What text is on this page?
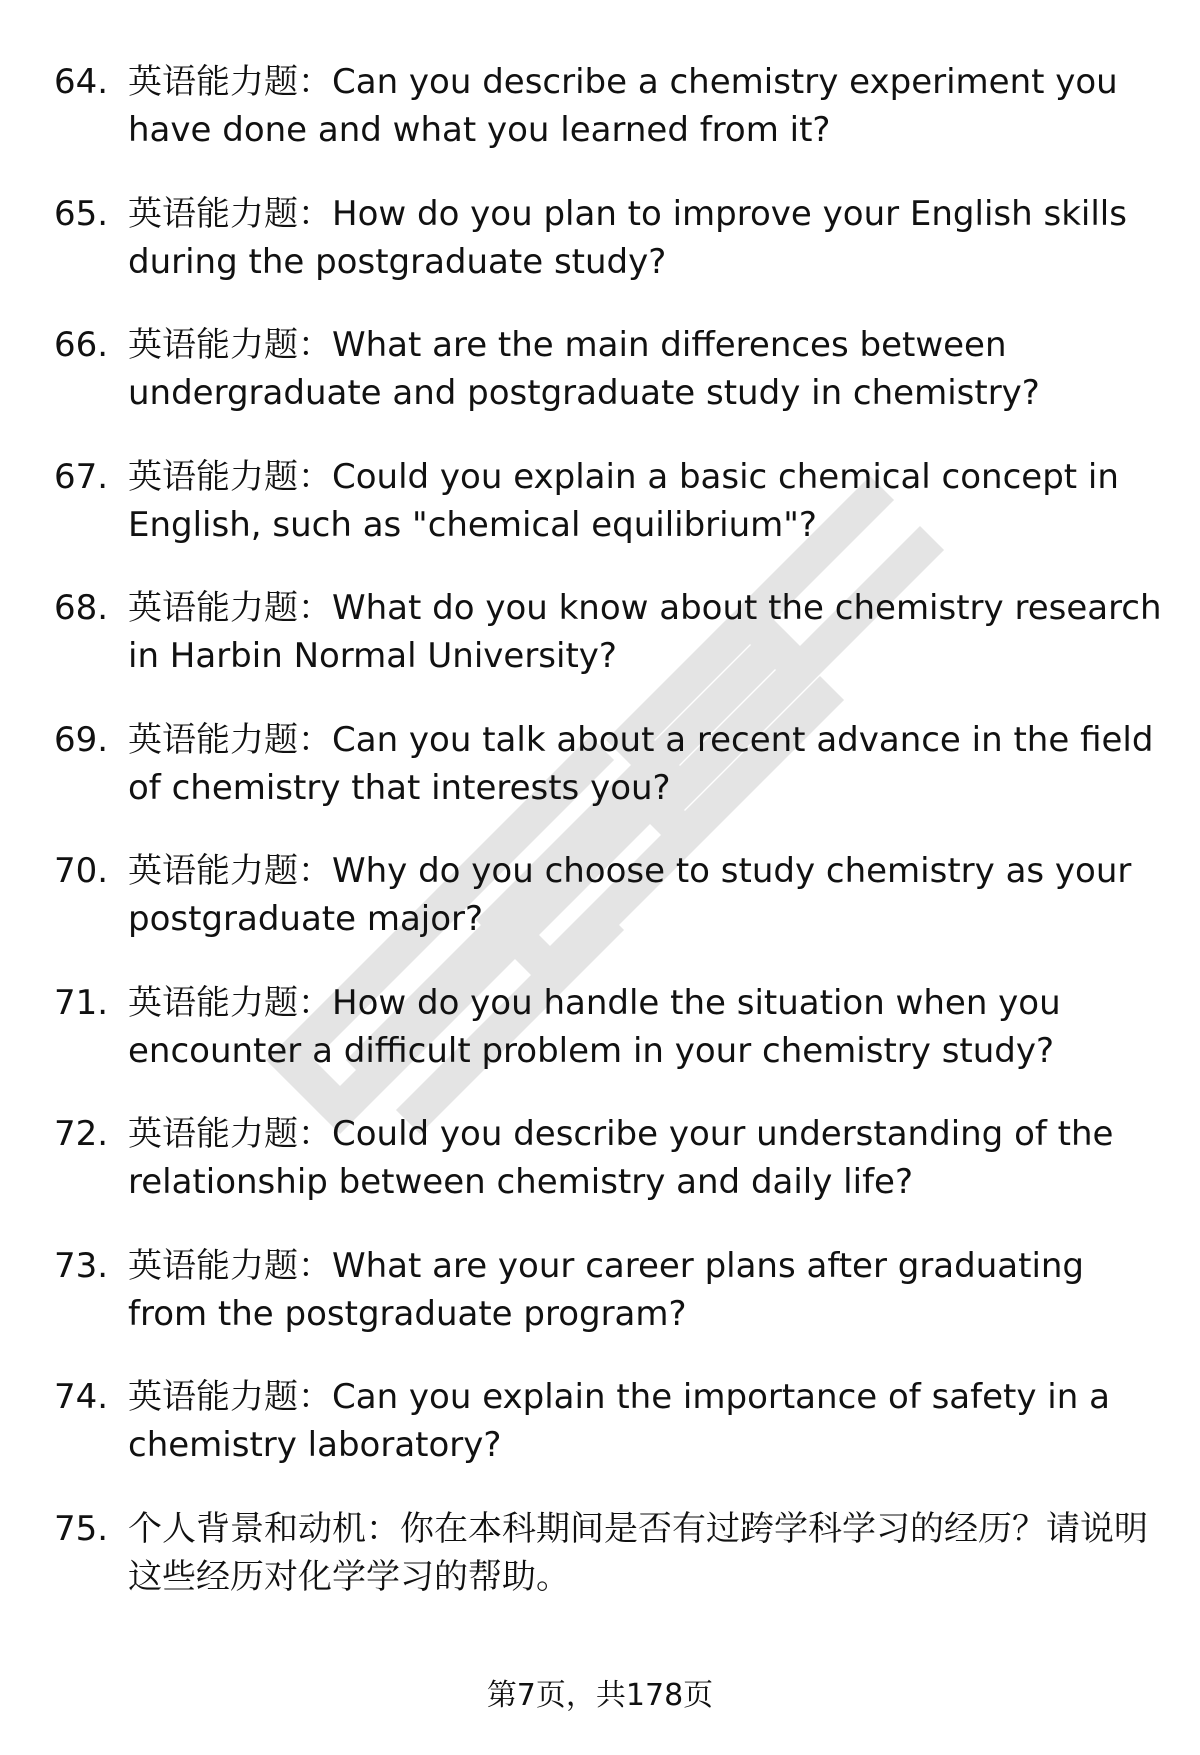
64. 英语能力题：Can you describe a chemistry experiment you have done and what you learned from it?
65. 英语能力题：How do you plan to improve your English skills during the postgraduate study?
66. 英语能力题：What are the main differences between undergraduate and postgraduate study in chemistry?
67. 英语能力题：Could you explain a basic chemical concept in English, such as "chemical equilibrium"?
68. 英语能力题：What do you know about the chemistry research in Harbin Normal University?
69. 英语能力题：Can you talk about a recent advance in the field of chemistry that interests you?
70. 英语能力题：Why do you choose to study chemistry as your postgraduate major?
71. 英语能力题：How do you handle the situation when you encounter a difficult problem in your chemistry study?
72. 英语能力题：Could you describe your understanding of the relationship between chemistry and daily life?
73. 英语能力题：What are your career plans after graduating from the postgraduate program?
74. 英语能力题：Can you explain the importance of safety in a chemistry laboratory?
75. 个人背景和动机：你在本科期间是否有过跨学科学习的经历？请说明这些经历对化学学习的帮助。
第7页，共178页
